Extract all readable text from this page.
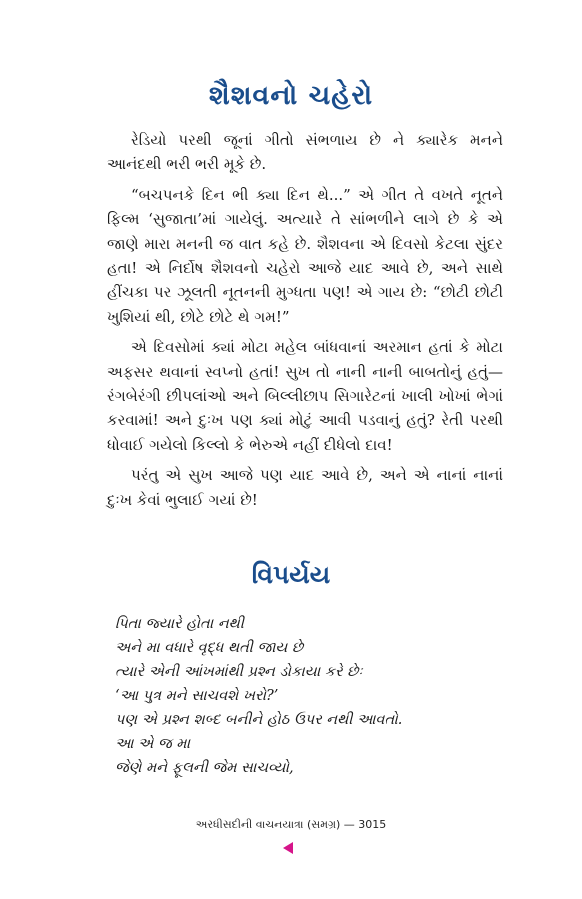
શૈશવનો ચહેરો

રેડિયો પરથી જૂનાં ગીતો સંભળાય છે ને ક્યારેક મનને આનંદથી ભરી ભરી મૂકે છે.

“બચપનકે દિન ભી ક્યા દિન થે...” એ ગીત તે વખતે નૂતને ફિલ્મ ‘સુજાતા’માં ગાયેલું. અત્યારે તે સાંભળીને લાગે છે કે એ જાણે મારા મનની જ વાત કહે છે. શૈશવના એ દિવસો કેટલા સુંદર હતા! એ નિર્દોષ શૈશવનો ચહેરો આજે યાદ આવે છે, અને સાથે હીંચકા પર ઝૂલતી નૂતનની મુગ્ધતા પણ! એ ગાય છે: “છોટી છોટી ખુશિયાં થી, છોટે છોટે થે ગમ!”

એ દિવસોમાં ક્યાં મોટા મહેલ બાંધવાનાં અરમાન હતાં કે મોટા અફસર થવાનાં સ્વપ્નો હતાં! સુખ તો નાની નાની બાબતોનું હતું—રંગબેરંગી છીપલાંઓ અને બિલ્લીછાપ સિગારેટનાં ખાલી ખોખાં ભેગાં કરવામાં! અને દુઃખ પણ ક્યાં મોટું આવી પડવાનું હતું? રેતી પરથી ધોવાઈ ગયેલો કિલ્લો કે ભેરુએ નહીં દીધેલો દાવ!

પરંતુ એ સુખ આજે પણ યાદ આવે છે, અને એ નાનાં નાનાં દુઃખ કેવાં ભુલાઈ ગયાં છે!

વિપર્યય
પિતા જ્યારે હોતા નથી
અને મા વધારે વૃદ્ધ થતી જાય છે
ત્યારે એની આંખમાંથી પ્રશ્ન ડોકાયા કરે છેઃ
‘આ પુત્ર મને સાચવશે ખરો?’
પણ એ પ્રશ્ન શબ્દ બનીને હોઠ ઉપર નથી આવતો.
આ એ જ મા
જેણે મને ફૂલની જેમ સાચવ્યો,
અરધીસદીની વાચનયાત્રા (સમગ્ર) — 3015
